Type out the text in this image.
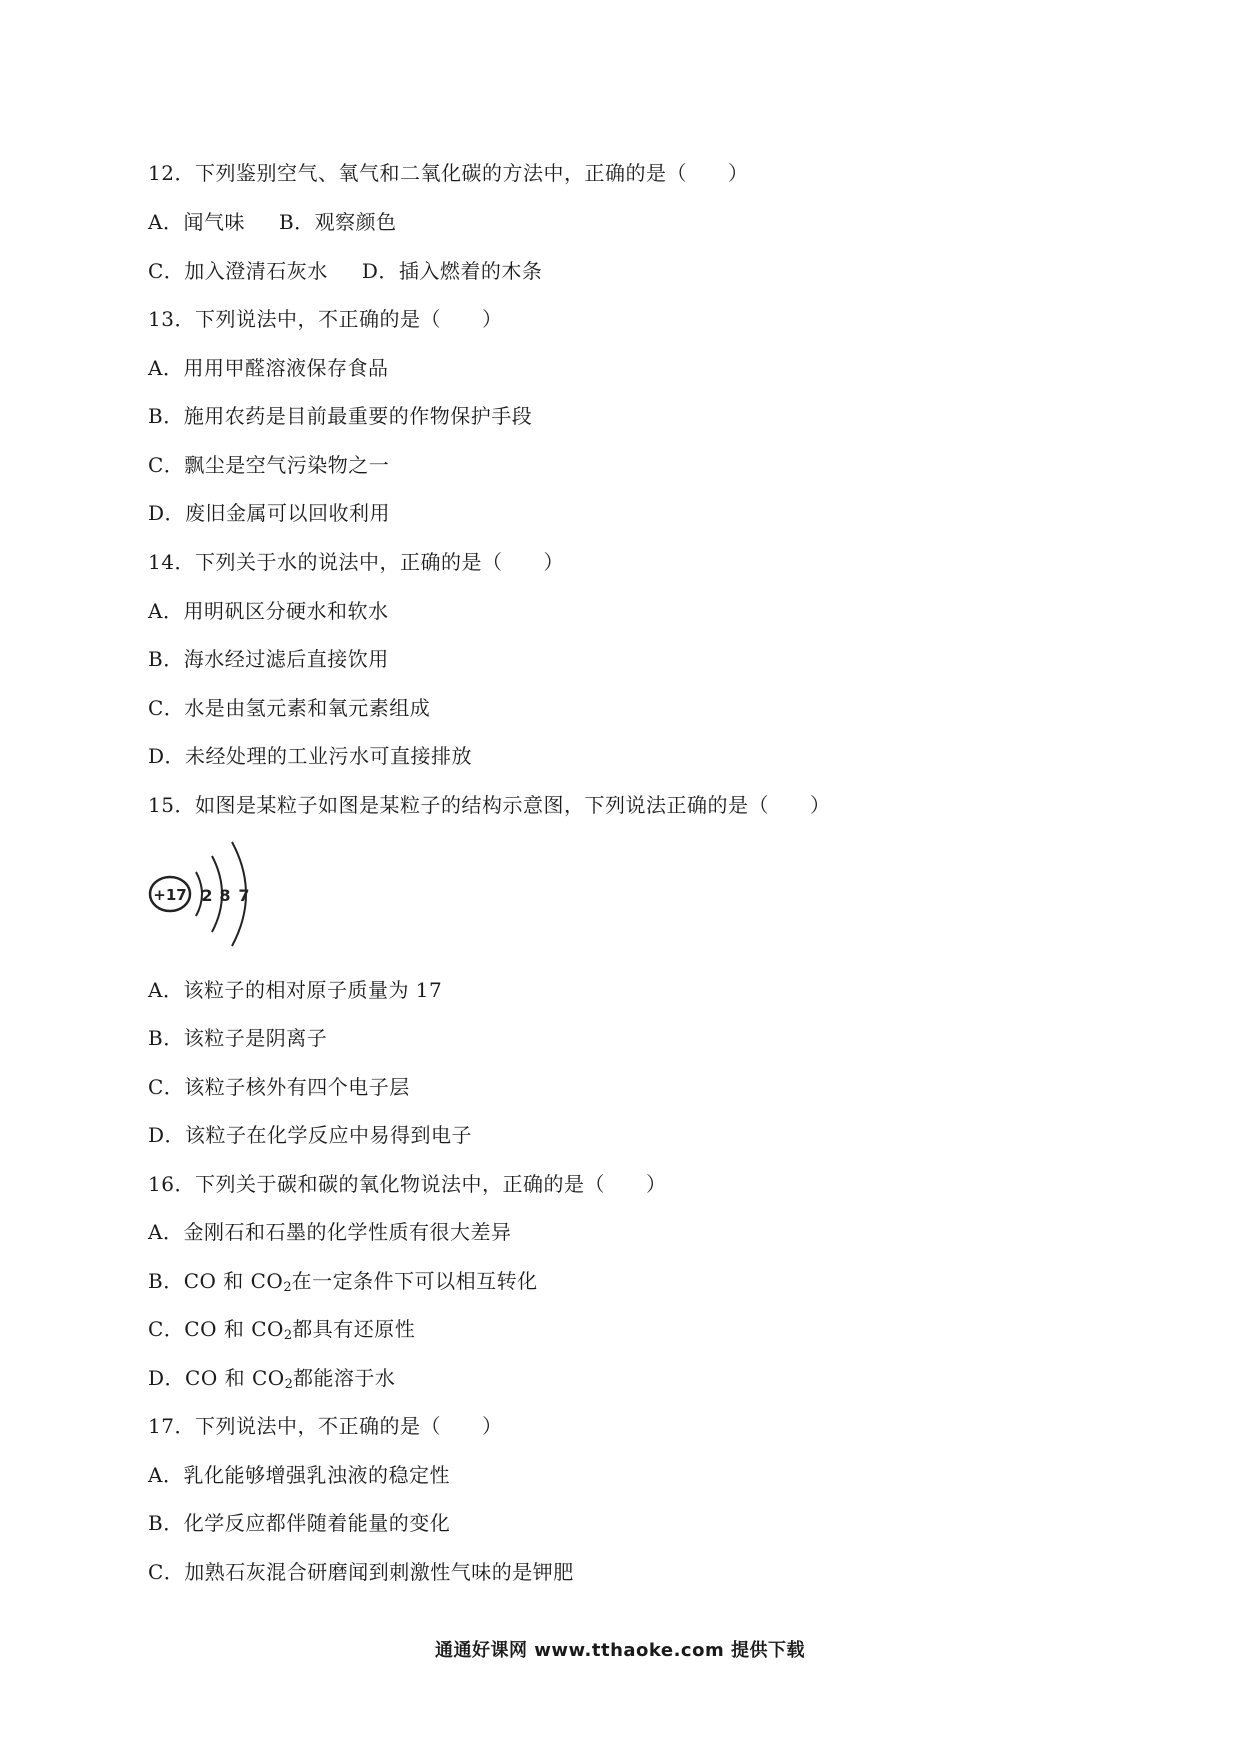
12．下列鉴别空气、氧气和二氧化碳的方法中，正确的是（　　）
A．闻气味 B．观察颜色
C．加入澄清石灰水 D．插入燃着的木条
13．下列说法中，不正确的是（　　）
A．用用甲醛溶液保存食品
B．施用农药是目前最重要的作物保护手段
C．飘尘是空气污染物之一
D．废旧金属可以回收利用
14．下列关于水的说法中，正确的是（　　）
A．用明矾区分硬水和软水
B．海水经过滤后直接饮用
C．水是由氢元素和氧元素组成
D．未经处理的工业污水可直接排放
15．如图是某粒子如图是某粒子的结构示意图，下列说法正确的是（　　）
+17 2 8 7
A．该粒子的相对原子质量为 17
B．该粒子是阴离子
C．该粒子核外有四个电子层
D．该粒子在化学反应中易得到电子
16．下列关于碳和碳的氧化物说法中，正确的是（　　）
A．金刚石和石墨的化学性质有很大差异
B．CO 和 $CO_2$在一定条件下可以相互转化
C．CO 和 $CO_2$都具有还原性
D．CO 和 $CO_2$都能溶于水
17．下列说法中，不正确的是（　　）
A．乳化能够增强乳浊液的稳定性
B．化学反应都伴随着能量的变化
C．加熟石灰混合研磨闻到刺激性气味的是钾肥
通通好课网 www.tthaoke.com 提供下载
